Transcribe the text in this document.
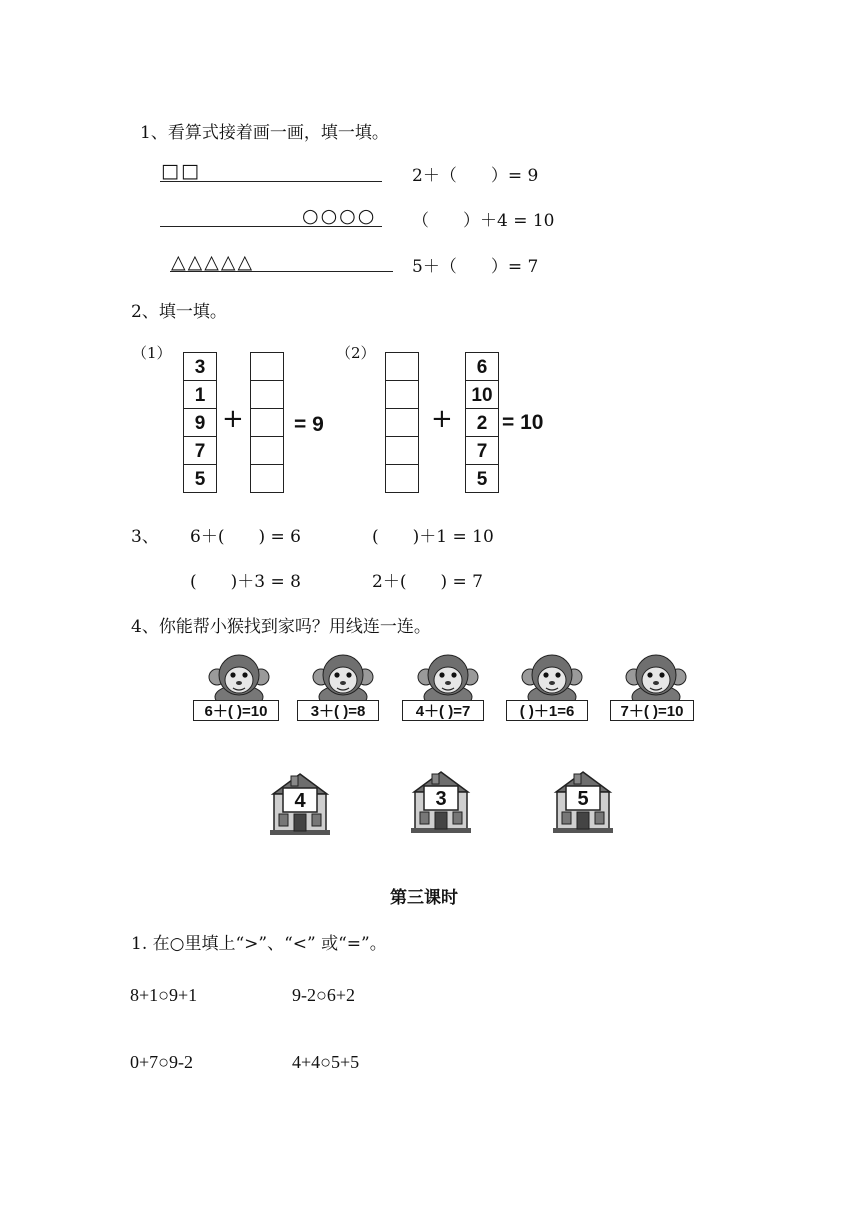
1、看算式接着画一画，填一填。
□□	2＋（　　）= 9
○○○○ （　　）＋4 = 10
△△△△△	5＋（　　）= 7
2、填一填。
（1）
3
1
9
7
5
+ = 9
（2）
+
6
10
2
7
5
= 10
3、 6＋(　　) = 6	(　　)＋1 = 10
(　　)＋3 = 8	2＋(　　) = 7
4、你能帮小猴找到家吗？用线连一连。
6＋( )=10	3＋( )=8	4＋( )=7	( )＋1=6	7＋( )=10
4	3	5
第三课时
1. 在○里填上“>”、“<” 或“=”。
8+1○9+1	9-2○6+2
0+7○9-2	4+4○5+5
